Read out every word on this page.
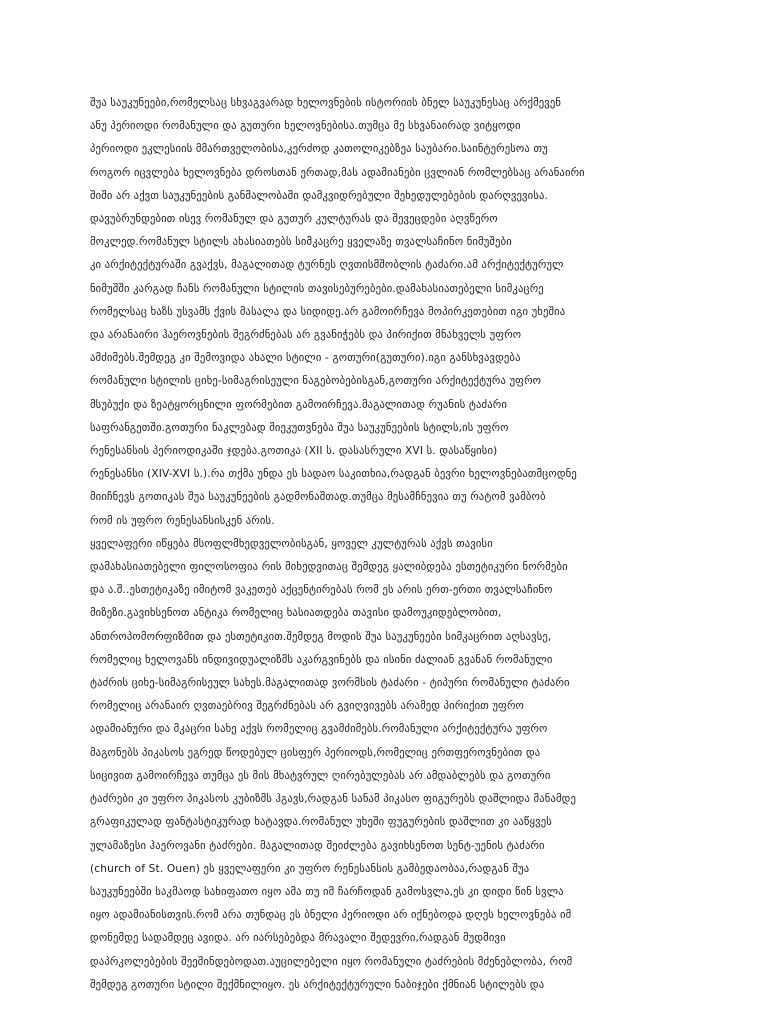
შუა საუკუნეები,რომელსაც სხვაგვარად ხელოვნების ისტორიის ბნელ საუკუნესაც არქმევენ
ანუ პერიოდი რომანული და გუთური ხელოვნებისა.თუმცა მე სხვანაირად ვიტყოდი
პერიოდი ეკლესიის მმართველობისა,კერძოდ კათოლიკებზეა საუბარი.საინტერესოა თუ
როგორ იცვლება ხელოვნება დროსთან ერთად,მას ადამიანები ცვლიან რომლებსაც არანაირი
შიში არ აქვთ საუკუნეების განმალობაში დამკვიდრებული შეხედულებების დარღვევისა.
დავუბრუნდებით ისევ რომანულ და გუთურ კულტურას და შევეცდები აღვწერო
მოკლედ.რომანულ სტილს ახასიათებს სიმკაცრე ყველაზე თვალსაჩინო ნიმუშები
კი არქიტექტურაში გვაქვს, მაგალითად ტურნეს ღვთისმშობლის ტაძარი.ამ არქიტექტურულ
ნიმუშში კარგად ჩანს რომანული სტილის თავისებურებები.დამახასიათებელი სიმკაცრე
რომელსაც ხაზს უსვამს ქვის მასალა და სიდიდე.არ გამოირჩევა მოპირკეთებით იგი უხეშია
და არანაირი ჰაეროვნების შეგრძნებას არ გვანიჭებს და პირიქით მნახველს უფრო
ამძიმებს.შემდეგ კი შემოვიდა ახალი სტილი - გოთური(გუთური).იგი განსხვავდება
რომანული სტილის ციხე-სიმაგრისეული ნაგებობებისგან,გოთური არქიტექტურა უფრო
მსუბუქი და ზეატყორცნილი ფორმებით გამოირჩევა.მაგალითად რუანის ტაძარი
საფრანგეთში.გოთური ნაკლებად მიეკუთვნება შუა საუკუნეების სტილს,ის უფრო
რენესანსის პერიოდიკაში ჯდება.გოთიკა (XII ს. დასასრული XVI ს. დასაწყისი)
რენესანსი (XIV-XVI ს.).რა თქმა უნდა ეს სადაო საკითხია,რადგან ბევრი ხელოვნებათმცოდნე
მიიჩნევს გოთიკას შუა საუკუნეების გადმონაშთად.თუმცა მესამჩნევია თუ რატომ ვამბობ
რომ ის უფრო რენესანსისკენ არის.
ყველაფერი იწყება მსოფლმხედველობისგან, ყოველ კულტურას აქვს თავისი
დამახასიათებელი ფილოსოფია რის მიხედვითაც შემდეგ ყალიბდება ესთეტიკური ნორმები
და ა.შ..ესთეტიკაზე იმიტომ ვაკეთებ აქცენტირებას რომ ეს არის ერთ-ერთი თვალსაჩინო
მიზეზი.გავიხსენოთ ანტიკა რომელიც ხასიათდება თავისი დამოუკიდებლობით,
ანთროპომორფიზმით და ესთეტიკით.შემდეგ მოდის შუა საუკუნეები სიმკაცრით აღსავსე,
რომელიც ხელოვანს ინდივიდუალიზმს აკარგვინებს და ისინი ძალიან გვანან რომანული
ტაძრის ციხე-სიმაგრისეულ სახეს.მაგალითად ვორმსის ტაძარი - ტიპური რომანული ტაძარი
რომელიც არანაირ ღვთაებრივ შეგრძნებას არ გვიღვივებს არამედ პირიქით უფრო
ადამიანური და მკაცრი სახე აქვს რომელიც გვამძიმებს.რომანული არქიტექტურა უფრო
მაგონებს პიკასოს ეგრედ წოდებულ ცისფერ პერიოდს,რომელიც ერთფეროვნებით და
სიცივით გამოირჩევა თუმცა ეს მის მხატვრულ ღირებულებას არ ამდაბლებს და გოთური
ტაძრები კი უფრო პიკასოს კუბიზმს ჰგავს,რადგან სანამ პიკასო ფიგურებს დაშლიდა მანამდე
გრაფიკულად ფანტასტიკურად ხატავდა.რომანულ უხეში ფუგურების დაშლით კი ააწყვეს
ულამაზესი ჰაეროვანი ტაძრები. მაგალითად შეიძლება გავიხსენოთ სენტ-უენის ტაძარი
(church of St. Ouen) ეს ყველაფერი კი უფრო რენესანსის გამბედაობაა,რადგან შუა
საუკუნეებში საკმაოდ სახიფათო იყო ამა თუ იმ ჩარჩოდან გამოსვლა,ეს კი დიდი წინ სვლა
იყო ადამიანისთვის.რომ არა თუნდაც ეს ბნელი პერიოდი არ იქნებოდა დღეს ხელოვნება იმ
დონემდე სადამდეც ავიდა. არ იარსებებდა მრავალი შედევრი,რადგან მუდმივი
დაპრკოლებების შეეშინდებოდათ.აუცილებელი იყო რომანული ტაძრების მძენებლობა, რომ
შემდეგ გოთური სტილი შექმნილიყო. ეს არქიტექტურული ნაბიჯები ქმნიან სტილებს და
